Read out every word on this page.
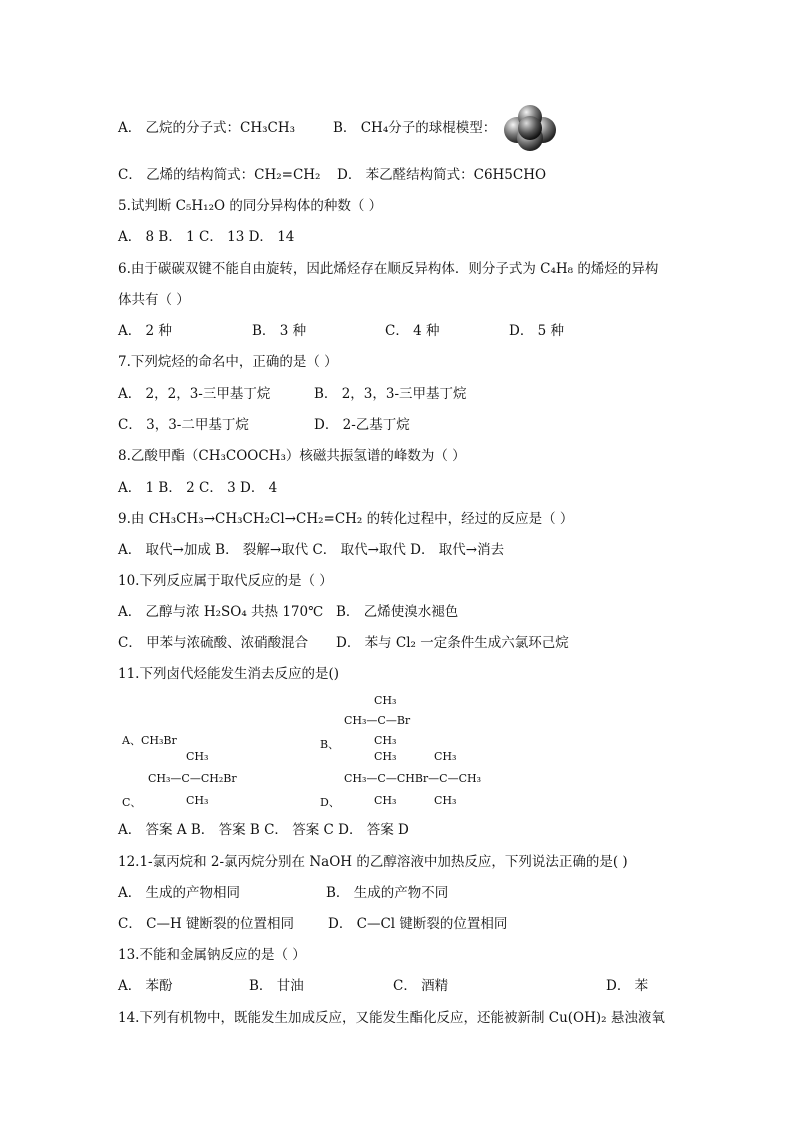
A． 乙烷的分子式：CH₃CH₃	B． CH₄分子的球棍模型：
C． 乙烯的结构简式：CH₂=CH₂ D． 苯乙醛结构简式：C6H5CHO
5.试判断 C₅H₁₂O 的同分异构体的种数（ ）
A． 8 B． 1 C． 13 D． 14
6.由于碳碳双键不能自由旋转，因此烯烃存在顺反异构体．则分子式为 C₄H₈ 的烯烃的异构
体共有（ ）
A． 2 种	B． 3 种	C． 4 种	D． 5 种
7.下列烷烃的命名中，正确的是（ ）
A． 2，2，3-三甲基丁烷	B． 2，3，3-三甲基丁烷
C． 3，3-二甲基丁烷	D． 2-乙基丁烷
8.乙酸甲酯（CH₃COOCH₃）核磁共振氢谱的峰数为（ ）
A． 1 B． 2 C． 3 D． 4
9.由 CH₃CH₃→CH₃CH₂Cl→CH₂=CH₂ 的转化过程中，经过的反应是（ ）
A． 取代→加成 B． 裂解→取代 C． 取代→取代 D． 取代→消去
10.下列反应属于取代反应的是（ ）
A． 乙醇与浓 H₂SO₄ 共热 170℃ B． 乙烯使溴水褪色
C． 甲苯与浓硫酸、浓硝酸混合 D． 苯与 Cl₂ 一定条件生成六氯环己烷
11.下列卤代烃能发生消去反应的是()
A、CH₃Br
CH₃
CH₃—C—Br
CH₃
B、
CH₃
CH₃—C—CH₂Br
CH₃
C、
CH₃	CH₃
CH₃—C—CHBr—C—CH₃
CH₃	CH₃
D、
A． 答案 A B． 答案 B C． 答案 C D． 答案 D
12.1-氯丙烷和 2-氯丙烷分别在 NaOH 的乙醇溶液中加热反应，下列说法正确的是( )
A． 生成的产物相同	B． 生成的产物不同
C． C—H 键断裂的位置相同	D． C—Cl 键断裂的位置相同
13.不能和金属钠反应的是（ ）
A． 苯酚	B． 甘油	C． 酒精	D． 苯
14.下列有机物中，既能发生加成反应，又能发生酯化反应，还能被新制 Cu(OH)₂ 悬浊液氧
